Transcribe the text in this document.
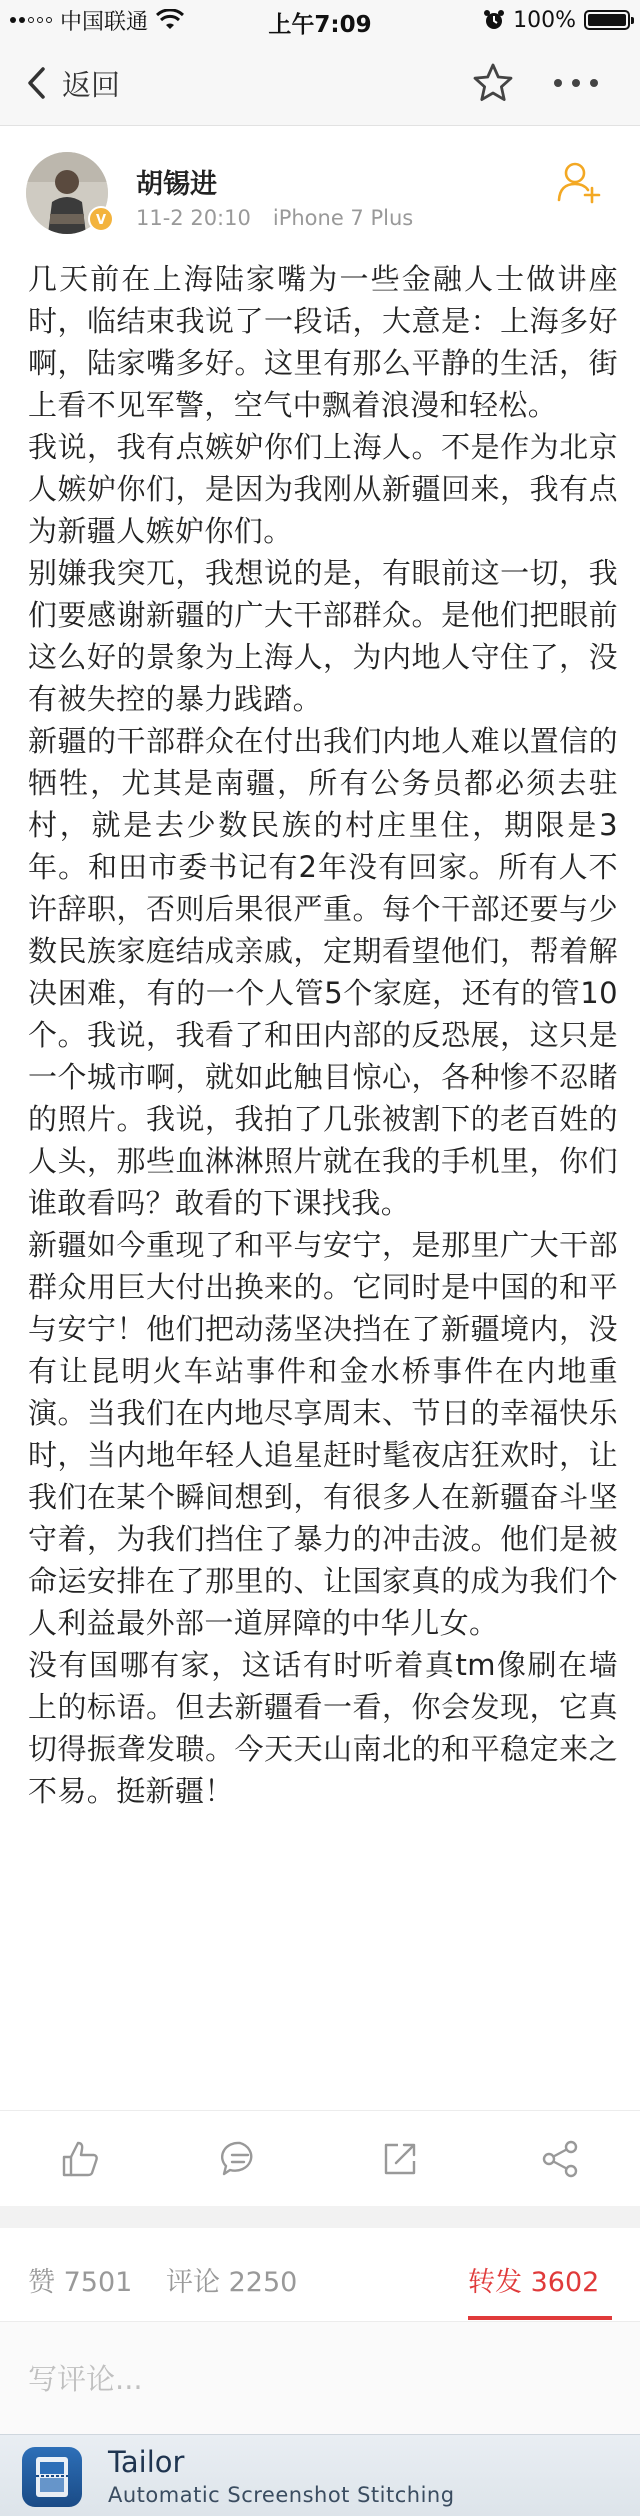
中国联通	上午7:09	100%
返回
V
胡锡进
11-2 20:10 iPhone 7 Plus

几天前在上海陆家嘴为一些金融人士做讲座时，临结束我说了一段话，大意是：上海多好啊，陆家嘴多好。这里有那么平静的生活，街上看不见军警，空气中飘着浪漫和轻松。

我说，我有点嫉妒你们上海人。不是作为北京人嫉妒你们，是因为我刚从新疆回来，我有点为新疆人嫉妒你们。

别嫌我突兀，我想说的是，有眼前这一切，我们要感谢新疆的广大干部群众。是他们把眼前这么好的景象为上海人，为内地人守住了，没有被失控的暴力践踏。

新疆的干部群众在付出我们内地人难以置信的牺牲，尤其是南疆，所有公务员都必须去驻村，就是去少数民族的村庄里住，期限是3年。和田市委书记有2年没有回家。所有人不许辞职，否则后果很严重。每个干部还要与少数民族家庭结成亲戚，定期看望他们，帮着解决困难，有的一个人管5个家庭，还有的管10个。我说，我看了和田内部的反恐展，这只是一个城市啊，就如此触目惊心，各种惨不忍睹的照片。我说，我拍了几张被割下的老百姓的人头，那些血淋淋照片就在我的手机里，你们谁敢看吗？敢看的下课找我。

新疆如今重现了和平与安宁，是那里广大干部群众用巨大付出换来的。它同时是中国的和平与安宁！他们把动荡坚决挡在了新疆境内，没有让昆明火车站事件和金水桥事件在内地重演。当我们在内地尽享周末、节日的幸福快乐时，当内地年轻人追星赶时髦夜店狂欢时，让我们在某个瞬间想到，有很多人在新疆奋斗坚守着，为我们挡住了暴力的冲击波。他们是被命运安排在了那里的、让国家真的成为我们个人利益最外部一道屏障的中华儿女。

没有国哪有家，这话有时听着真tm像刷在墙上的标语。但去新疆看一看，你会发现，它真切得振聋发聩。今天天山南北的和平稳定来之不易。挺新疆！

赞 7501 评论 2250	转发 3602
写评论...
Tailor
Automatic Screenshot Stitching
